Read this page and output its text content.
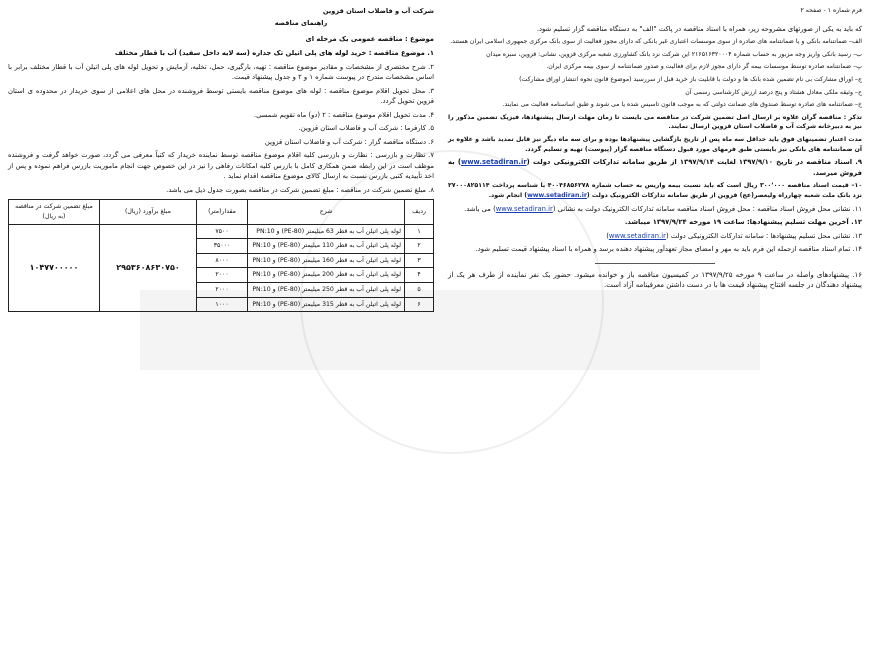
شرکت آب و فاضلاب استان قزوین
راهنمای مناقصه

موضوع : مناقصه عمومی یک مرحله ای

۱. موضوع مناقصه : خرید لوله های پلی اتیلن تک جداره (سه لایه داخل سفید) آب با قطار مختلف

۲. شرح مختصری از مشخصات و مقادیر موضوع مناقصه : تهیه، بارگیری، حمل، تخلیه، آزمایش و تحویل لوله های پلی اتیلن آب با قطار مختلف برابر با اساس مشخصات مندرج در پیوست شماره ۱ و ۲ و جدول پیشنهاد قیمت.

۳. محل تحویل اقلام موضوع مناقصه : لوله های موضوع مناقصه بایستی توسط فروشنده در محل های اعلامی از سوی خریدار در محدوده ی استان قزوین تحویل گردد.

۴. مدت تحویل اقلام موضوع مناقصه : ۲ (دو) ماه تقویم شمسی.

۵. کارفرما : شرکت آب و فاضلاب استان قزوین.

۶. دستگاه مناقصه گزار : شرکت آب و فاضلاب استان قزوین

۷. نظارت و بازرسی : نظارت و بازرسی کلیه اقلام موضوع مناقصه توسط نماینده خریدار که کتباً معرفی می گردد، صورت خواهد گرفت و فروشنده موظف است در این رابطه ضمن همکاری کامل با بازرس کلیه امکانات رفاهی را نیز در این خصوص جهت انجام ماموریت بازرس فراهم نموده و پس از اخذ تأییدیه کتبی بازرس نسبت به ارسال کالای موضوع مناقصه اقدام نماید .

۸. مبلغ تضمین شرکت در مناقصه : مبلغ تضمین شرکت در مناقصه بصورت جدول ذیل می باشد.

ردیف	شرح	مقدار(متر)	مبلغ برآورد (ریال)	مبلغ تضمین شرکت در مناقصه (به ریال)
۱	لوله پلی اتیلن آب به قطر 63 میلیمتر (PE-80) و PN:10	۷۵۰۰	۲۹۵۳۶۰۸۶۳۰۷۵۰	۱۰۴۷۷۰۰۰۰۰
۲	لوله پلی اتیلن آب به قطر 110 میلیمتر (PE-80) و PN:10	۳۵۰۰۰		
۳	لوله پلی اتیلن آب به قطر 160 میلیمتر (PE-80) و PN:10	۸۰۰۰		
۴	لوله پلی اتیلن آب به قطر 200 میلیمتر (PE-80) و PN:10	۲۰۰۰		
۵	لوله پلی اتیلن آب به قطر 250 میلیمتر (PE-80) و PN:10	۲۰۰۰		
۶	لوله پلی اتیلن آب به قطر 315 میلیمتر (PE-80) و PN:10	۱۰۰۰		
فرم شماره ۱ - صفحه ۲

که باید به یکی از صورتهای مشروحه زیر، همراه با اسناد مناقصه در پاکت "الف" به دستگاه مناقصه گزار تسلیم شود.

الف– ضمانتنامه بانکی و یا ضمانتنامه های صادره از سوی موسسات اعتباری غیر بانکی که دارای مجوز فعالیت از سوی بانک مرکزی جمهوری اسلامی ایران هستند.

ب– رسید بانکی واریز وجه مزبور به حساب شماره ۲۱۶۵۱۶۳۲۰۰۰۴ این شرکت نزد بانک کشاورزی شعبه مرکزی قزوین، نشانی: قزوین، سبزه میدان

پ– ضمانتنامه صادره توسط موسسات بیمه گر دارای مجوز لازم برای فعالیت و صدور ضمانتنامه از سوی بیمه مرکزی ایران.

ج– اوراق مشارکت بی نام تضمین شده بانک ها و دولت با قابلیت باز خرید قبل از سررسید (موضوع قانون نحوه انتشار اوراق مشارکت)

ح– وثیقه ملکی معادل هشتاد و پنج درصد ارزش کارشناسی رسمی آن

خ– ضمانتنامه های صادره توسط صندوق های ضمانت دولتی که به موجب قانون تاسیس شده یا می شوند و طبق اساسنامه فعالیت می نمایند.

تذکر : مناقصه گران علاوه بر ارسال اصل تضمین شرکت در مناقصه می بایست تا زمان مهلت ارسال پیشنهادها، فیزیک تضمین مذکور را نیز به دبیرخانه شرکت آب و فاضلاب استان قزوین ارسال نمایند.

مدت اعتبار تضمینهای فوق باید حداقل سه ماه پس از تاریخ بازگشایی پیشنهادها بوده و برای سه ماه دیگر نیز قابل تمدید باشد و علاوه بر آن ضمانتنامه های بانکی نیز بایستی طبق فرمهای مورد قبول دستگاه مناقصه گزار (پیوست) تهیه و تسلیم گردد.

۹. اسناد مناقصه در تاریخ ۱۳۹۷/۹/۱۰ لغایت ۱۳۹۷/۹/۱۴ از طریق سامانه تدارکات الکترونیکی دولت (www.setadiran.ir) به فروش میرسد.

۱۰– قیمت اسناد مناقصه ۳۰۰٬۰۰۰ ریال است که باید نسبت بیمه واریس به حساب شماره ۴۰۰۴۶۸۵۶۲۷۸ با شناسه پرداخت ۲۷۰۰۰۸۲۵۱۱۴ نزد بانک ملت شعبه چهارراه ولیعصر(عج) قزوین از طریق سامانه تدارکات الکترونیک دولت (www.setadiran.ir) انجام شود.

۱۱. نشانی محل فروش اسناد مناقصه : محل فروش اسناد مناقصه سامانه تدارکات الکترونیک دولت به نشانی (www.setadiran.ir) می باشد.

۱۲. آخرین مهلت تسلیم پیشنهادها: ساعت ۱۹ مورخه ۱۳۹۷/۹/۲۴ میباشد.

۱۳. نشانی محل تسلیم پیشنهادها : سامانه تدارکات الکترونیکی دولت (www.setadiran.ir)

۱۴. تمام اسناد مناقصه ازجمله این فرم باید به مهر و امضای مجاز تعهدآور پیشنهاد دهنده برسد و همراه با اسناد پیشنهاد قیمت تسلیم شود.

۱۶. پیشنهادهای واصله در ساعت ۹ مورخه ۱۳۹۷/۹/۲۵ در کمیسیون مناقصه باز و خوانده میشود. حضور یک نفر نماینده از طرف هر یک از پیشنهاد دهندگان در جلسه افتتاح پیشنهاد قیمت ها با در دست داشتن معرفینامه آزاد است.
